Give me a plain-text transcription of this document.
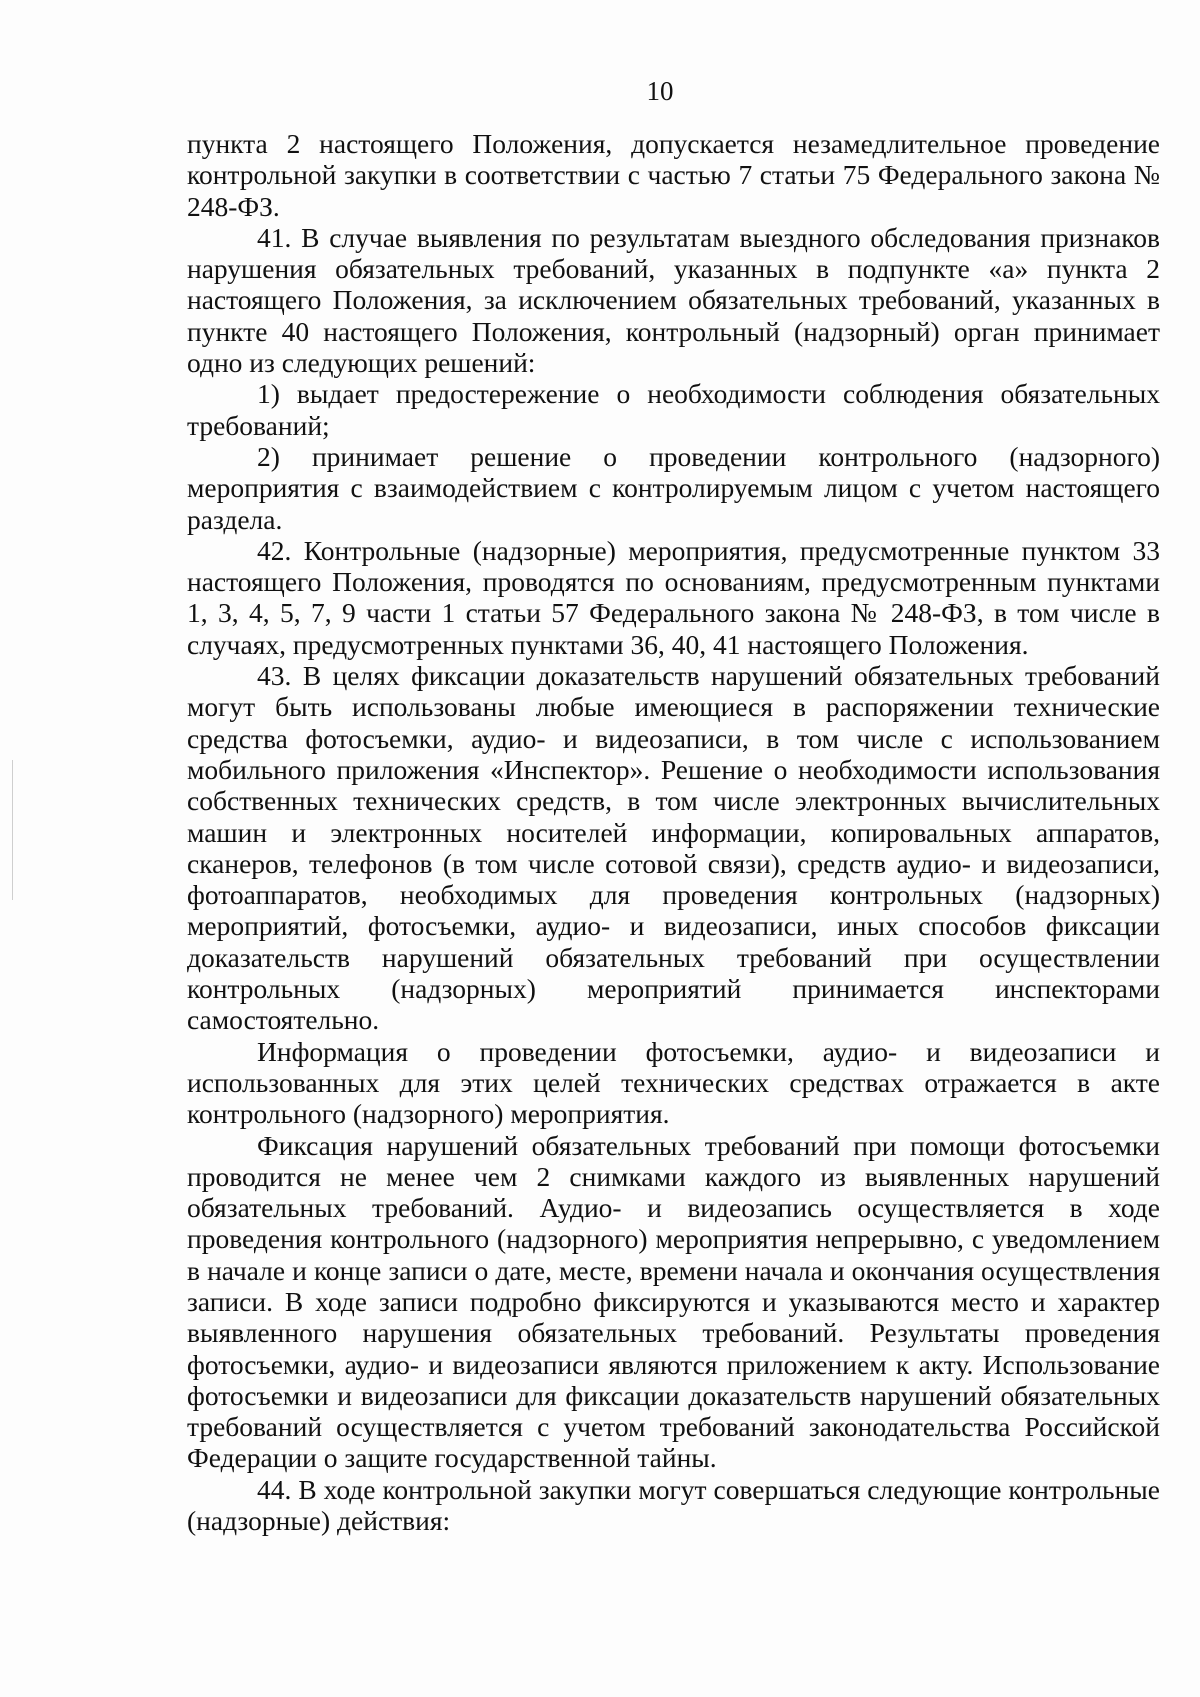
10

пункта 2 настоящего Положения, допускается незамедлительное проведение контрольной закупки в соответствии с частью 7 статьи 75 Федерального закона № 248-ФЗ.

41. В случае выявления по результатам выездного обследования признаков нарушения обязательных требований, указанных в подпункте «а» пункта 2 настоящего Положения, за исключением обязательных требований, указанных в пункте 40 настоящего Положения, контрольный (надзорный) орган принимает одно из следующих решений:

1) выдает предостережение о необходимости соблюдения обязательных требований;

2) принимает решение о проведении контрольного (надзорного) мероприятия с взаимодействием с контролируемым лицом с учетом настоящего раздела.

42. Контрольные (надзорные) мероприятия, предусмотренные пунктом 33 настоящего Положения, проводятся по основаниям, предусмотренным пунктами 1, 3, 4, 5, 7, 9 части 1 статьи 57 Федерального закона № 248-ФЗ, в том числе в случаях, предусмотренных пунктами 36, 40, 41 настоящего Положения.

43. В целях фиксации доказательств нарушений обязательных требований могут быть использованы любые имеющиеся в распоряжении технические средства фотосъемки, аудио- и видеозаписи, в том числе с использованием мобильного приложения «Инспектор». Решение о необходимости использования собственных технических средств, в том числе электронных вычислительных машин и электронных носителей информации, копировальных аппаратов, сканеров, телефонов (в том числе сотовой связи), средств аудио- и видеозаписи, фотоаппаратов, необходимых для проведения контрольных (надзорных) мероприятий, фотосъемки, аудио- и видеозаписи, иных способов фиксации доказательств нарушений обязательных требований при осуществлении контрольных (надзорных) мероприятий принимается инспекторами самостоятельно.

Информация о проведении фотосъемки, аудио- и видеозаписи и использованных для этих целей технических средствах отражается в акте контрольного (надзорного) мероприятия.

Фиксация нарушений обязательных требований при помощи фотосъемки проводится не менее чем 2 снимками каждого из выявленных нарушений обязательных требований. Аудио- и видеозапись осуществляется в ходе проведения контрольного (надзорного) мероприятия непрерывно, с уведомлением в начале и конце записи о дате, месте, времени начала и окончания осуществления записи. В ходе записи подробно фиксируются и указываются место и характер выявленного нарушения обязательных требований. Результаты проведения фотосъемки, аудио- и видеозаписи являются приложением к акту. Использование фотосъемки и видеозаписи для фиксации доказательств нарушений обязательных требований осуществляется с учетом требований законодательства Российской Федерации о защите государственной тайны.

44. В ходе контрольной закупки могут совершаться следующие контрольные (надзорные) действия:
